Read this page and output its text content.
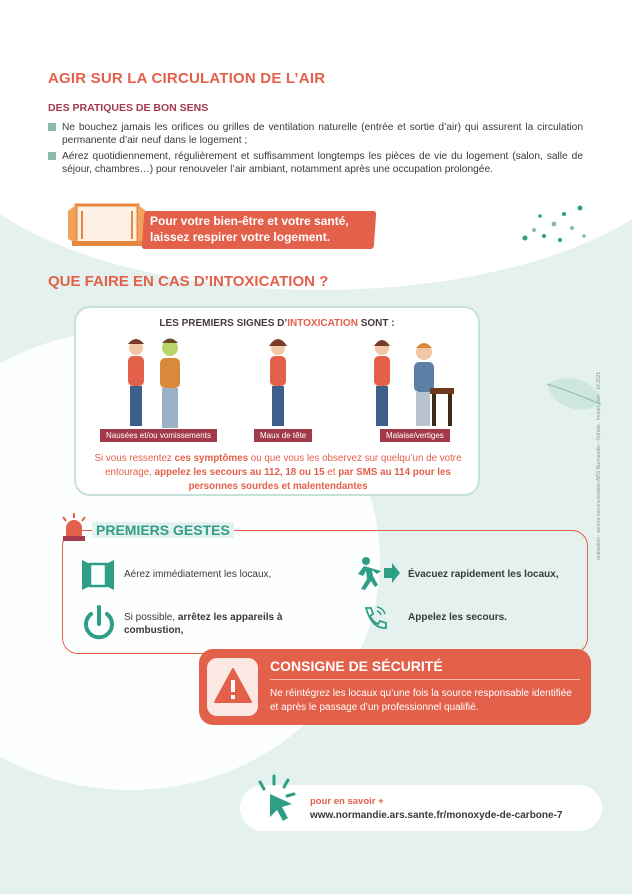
AGIR SUR LA CIRCULATION DE L’AIR
DES PRATIQUES DE BON SENS
Ne bouchez jamais les orifices ou grilles de ventilation naturelle (entrée et sortie d’air) qui assurent la circulation permanente d’air neuf dans le logement ;
Aérez quotidiennement, régulièrement et suffisamment longtemps les pièces de vie du logement (salon, salle de séjour, chambres…) pour renouveler l’air ambiant, notamment après une occupation prolongée.
Pour votre bien-être et votre santé,
laissez respirer votre logement.
QUE FAIRE EN CAS D’INTOXICATION ?
LES PREMIERS SIGNES D’INTOXICATION SONT :
Nausées et/ou vomissements	Maux de tête	Malaise/vertiges
Si vous ressentez ces symptômes ou que vous les observez sur quelqu’un de votre entourage, appelez les secours au 112, 18 ou 15 et par SMS au 114 pour les personnes sourdes et malentendantes
PREMIERS GESTES
Aérez immédiatement les locaux,	Évacuez rapidement les locaux,
Si possible, arrêtez les appareils à combustion,
Appelez les secours.
CONSIGNE DE SÉCURITÉ
Ne réintégrez les locaux qu’une fois la source responsable identifiée et après le passage d’un professionnel qualifié.
pour en savoir +
www.normandie.ars.sante.fr/monoxyde-de-carbone-7
réalisation : service communication ARS Normandie - ©photo : freepik.com - 10.2021
